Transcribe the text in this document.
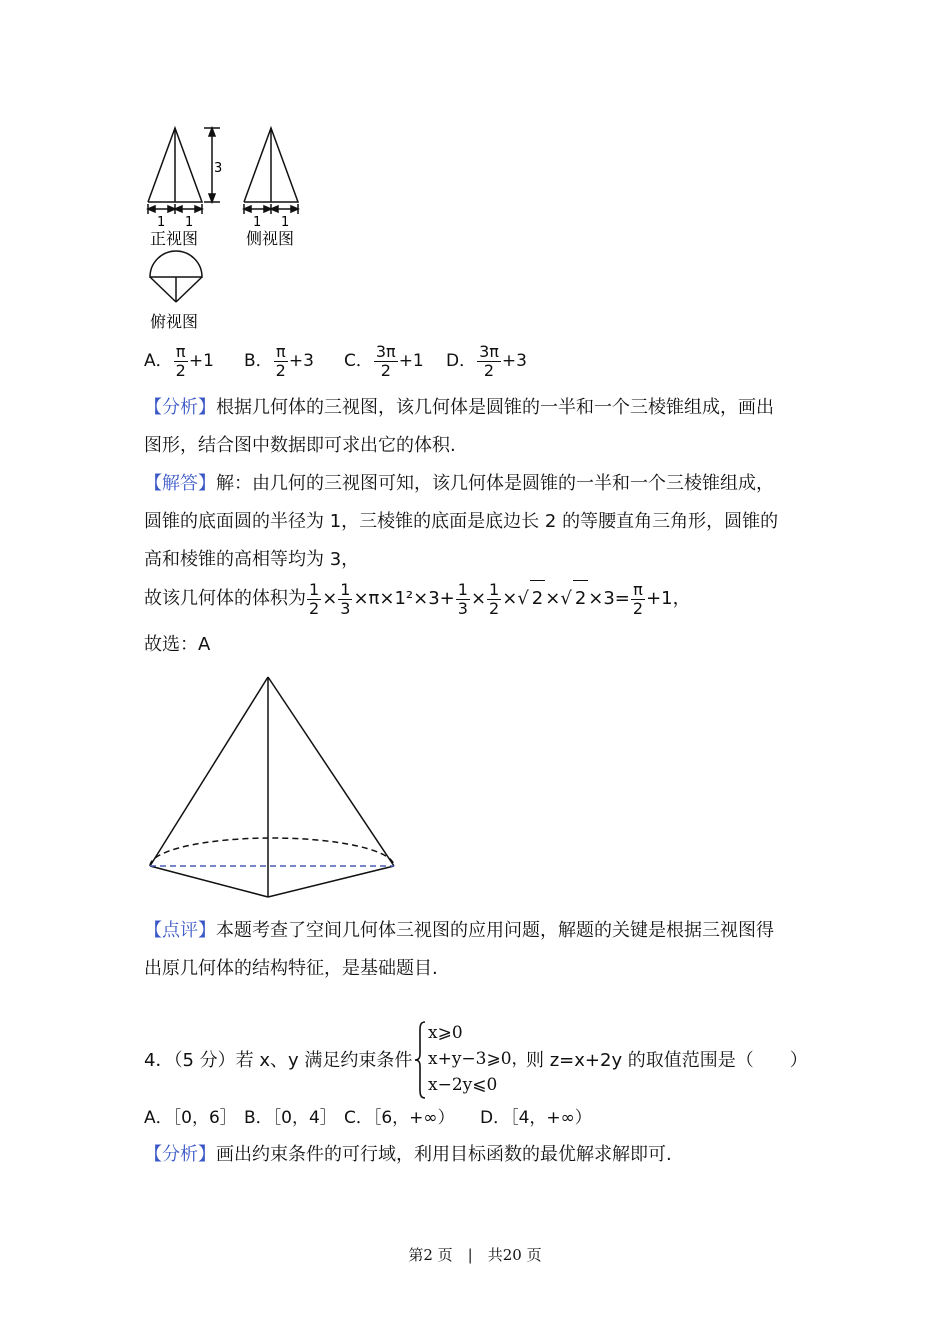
3
1 1
正视图
1 1
侧视图
俯视图
A． $\frac{\pi}{2} +1$ B． $\frac{\pi}{2} +3$ C． $\frac{3\pi}{2} +1$ D． $\frac{3\pi}{2} +3$
【分析】根据几何体的三视图，该几何体是圆锥的一半和一个三棱锥组成，画出
图形，结合图中数据即可求出它的体积.
【解答】解：由几何的三视图可知，该几何体是圆锥的一半和一个三棱锥组成，
圆锥的底面圆的半径为 1，三棱锥的底面是底边长 2 的等腰直角三角形，圆锥的
高和棱锥的高相等均为 3，
故该几何体的体积为 $\frac{1}{2} \times \frac{1}{3} \times\pi\times 1^2\times 3+ \frac{1}{3} \times \frac{1}{2}$ ×√ 2 ×√ $2 \times 3= \frac{\pi}{2} +1$，
故选：A
【点评】本题考查了空间几何体三视图的应用问题，解题的关键是根据三视图得
出原几何体的结构特征，是基础题目.
4．（5 分）若 x、y 满足约束条件
x⩾0
x+y−3⩾0，
x−2y⩽0
则 z=x+2y 的取值范围是（　　）
A．［0，6］ B．［0，4］ C．［6，+∞） D．［4，+∞）
【分析】画出约束条件的可行域，利用目标函数的最优解求解即可.
第2 页　|　共20 页
